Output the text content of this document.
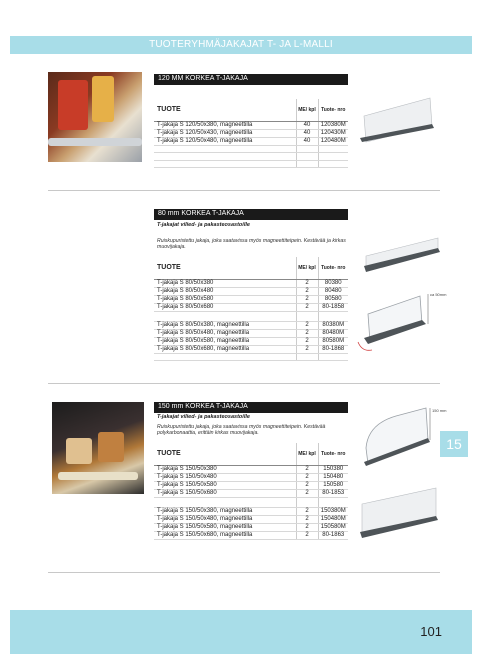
TUOTERYHMÄJAKAJAT T- JA L-MALLI
120 MM KORKEA T-JAKAJA
TUOTE	ME/ kpl	Tuote- nro
T-jakaja S 120/50x380, magneettilla	40	120380M
T-jakaja S 120/50x430, magneettilla	40	120430M
T-jakaja S 120/50x480, magneettilla	40	120480M

80 mm KORKEA T-JAKAJA
T-jakajat vilied- ja pakasteosastoille
Ruiskupuristettu jakaja, joka saatavissa myös magneettiteipein. Kestävää ja kirkas muovijakaja.
TUOTE	ME/ kpl	Tuote- nro
T-jakaja S 80/50x380	2	80380
T-jakaja S 80/50x480	2	80480
T-jakaja S 80/50x580	2	80580
T-jakaja S 80/50x680	2	80-1858

T-jakaja S 80/50x380, magneettilla	2	80380M
T-jakaja S 80/50x480, magneettilla	2	80480M
T-jakaja S 80/50x580, magneettilla	2	80580M
T-jakaja S 80/50x680, magneettilla	2	80-1868

ca 50mm
150 mm KORKEA T-JAKAJA
T-jakajat vilied- ja pakasteosastoille
Ruiskupuristettu jakaja, joka saatavissa myös magneettiteipein. Kestävää polykarbonaattia, erittäin kirkas muovijakaja.
TUOTE	ME/ kpl	Tuote- nro
T-jakaja S 150/50x380	2	150380
T-jakaja S 150/50x480	2	150480
T-jakaja S 150/50x580	2	150580
T-jakaja S 150/50x680	2	80-1853

T-jakaja S 150/50x380, magneettilla	2	150380M
T-jakaja S 150/50x480, magneettilla	2	150480M
T-jakaja S 150/50x580, magneettilla	2	150580M
T-jakaja S 150/50x680, magneettilla	2	80-1863
150 mm
15
101
